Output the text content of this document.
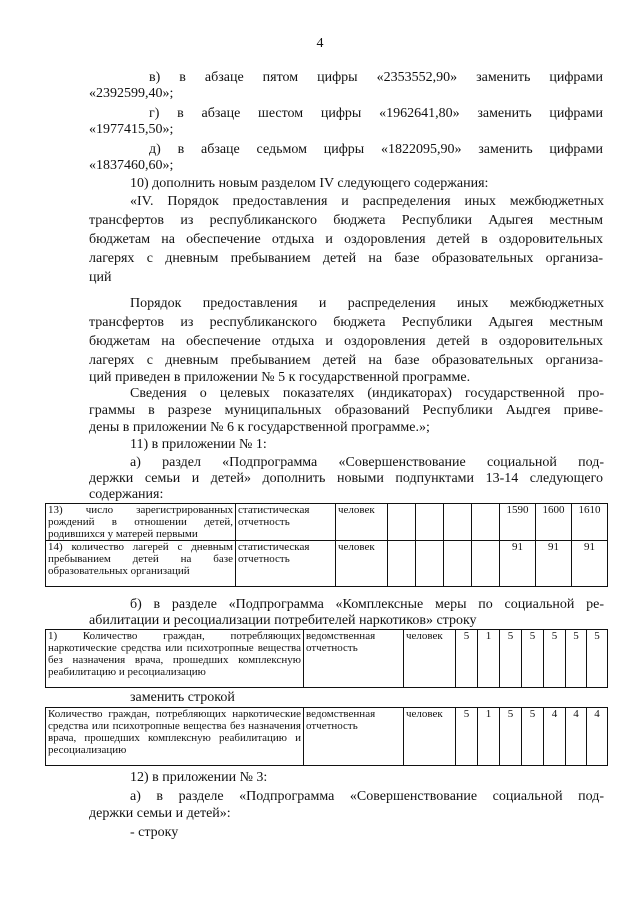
4
в) в абзаце пятом цифры «2353552,90» заменить цифрами
«2392599,40»;
г) в абзаце шестом цифры «1962641,80» заменить цифрами
«1977415,50»;
д) в абзаце седьмом цифры «1822095,90» заменить цифрами
«1837460,60»;
10) дополнить новым разделом IV следующего содержания:
«IV. Порядок предоставления и распределения иных межбюджетных
трансфертов из республиканского бюджета Республики Адыгея местным
бюджетам на обеспечение отдыха и оздоровления детей в оздоровительных
лагерях с дневным пребыванием детей на базе образовательных организа-
ций
Порядок предоставления и распределения иных межбюджетных
трансфертов из республиканского бюджета Республики Адыгея местным
бюджетам на обеспечение отдыха и оздоровления детей в оздоровительных
лагерях с дневным пребыванием детей на базе образовательных организа-
ций приведен в приложении № 5 к государственной программе.
Сведения о целевых показателях (индикаторах) государственной про-
граммы в разрезе муниципальных образований Республики Аыдгея приве-
дены в приложении № 6 к государственной программе.»;
11) в приложении № 1:
а) раздел «Подпрограмма «Совершенствование социальной под-
держки семьи и детей» дополнить новыми подпунктами 13-14 следующего
содержания:
13) число зарегистрированных рождений в отношении детей, родившихся у матерей первыми	статистическая отчетность	человек					1590	1600	1610
14) количество лагерей с дневным пребыванием детей на базе образовательных организаций	статистическая отчетность	человек					91	91	91
б) в разделе «Подпрограмма «Комплексные меры по социальной ре-
абилитации и ресоциализации потребителей наркотиков» строку
1) Количество граждан, потребляющих наркотические средства или психотропные вещества без назначения врача, прошедших комплексную реабилитацию и ресоциализацию	ведомственная отчетность	человек	5	1	5	5	5	5	5
заменить строкой
Количество граждан, потребляющих наркотические средства или психотропные вещества без назначения врача, прошедших комплексную реабилитацию и ресоциализацию	ведомственная отчетность	человек	5	1	5	5	4	4	4
12) в приложении № 3:
а) в разделе «Подпрограмма «Совершенствование социальной под-
держки семьи и детей»:
- строку
